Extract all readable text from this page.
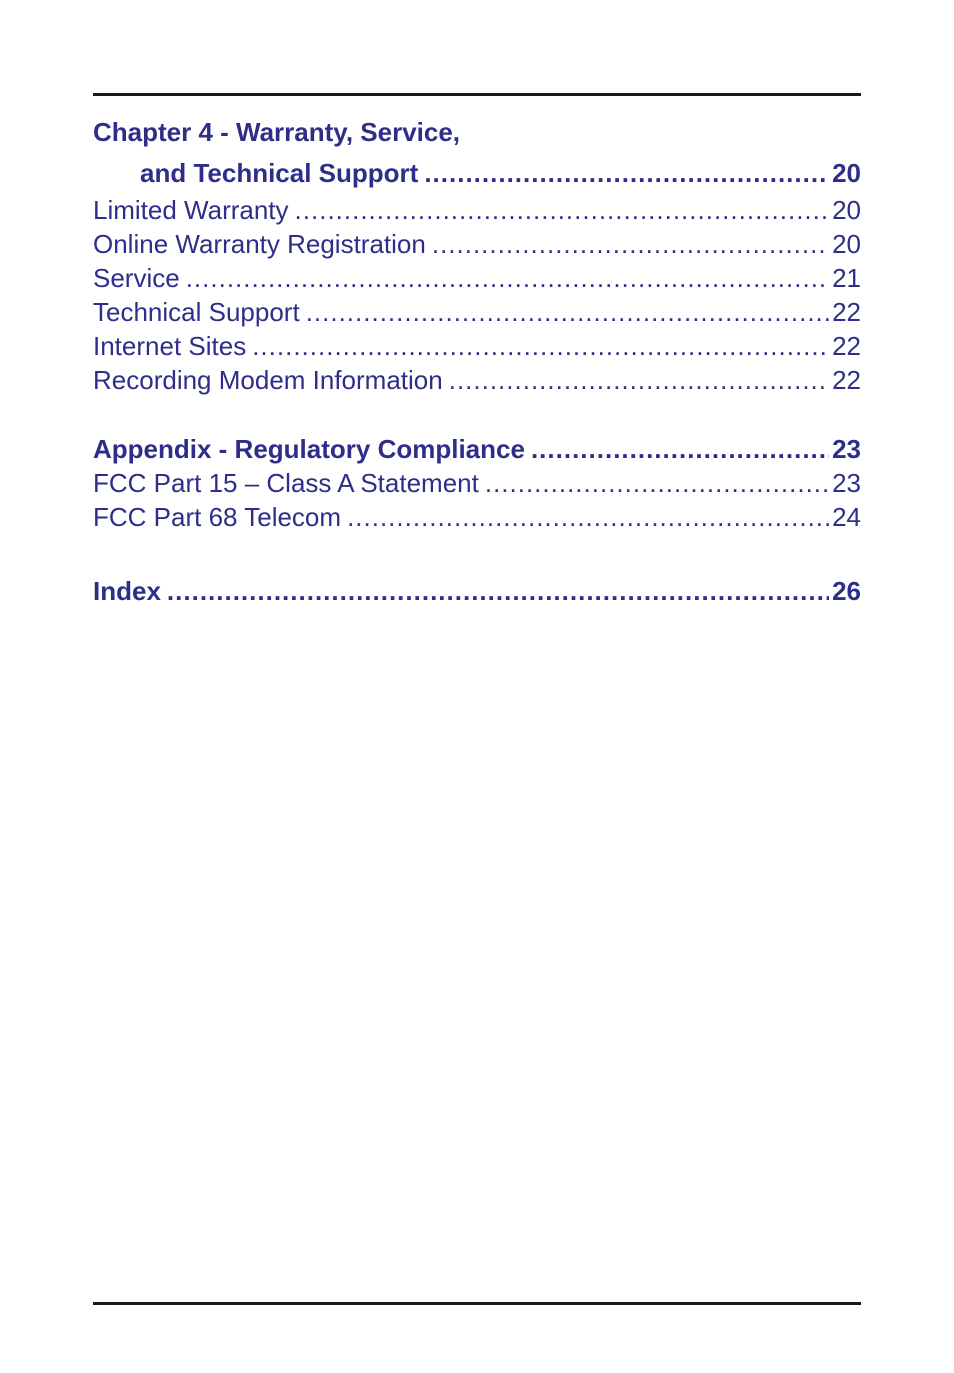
Chapter 4 - Warranty, Service,
and Technical Support .....	20
Limited Warranty .....	20
Online Warranty Registration .....	20
Service .....	21
Technical Support .....	22
Internet Sites .....	22
Recording Modem Information .....	22
Appendix - Regulatory Compliance .....	23
FCC Part 15 – Class A Statement .....	23
FCC Part 68 Telecom .....	24
Index .....	26
